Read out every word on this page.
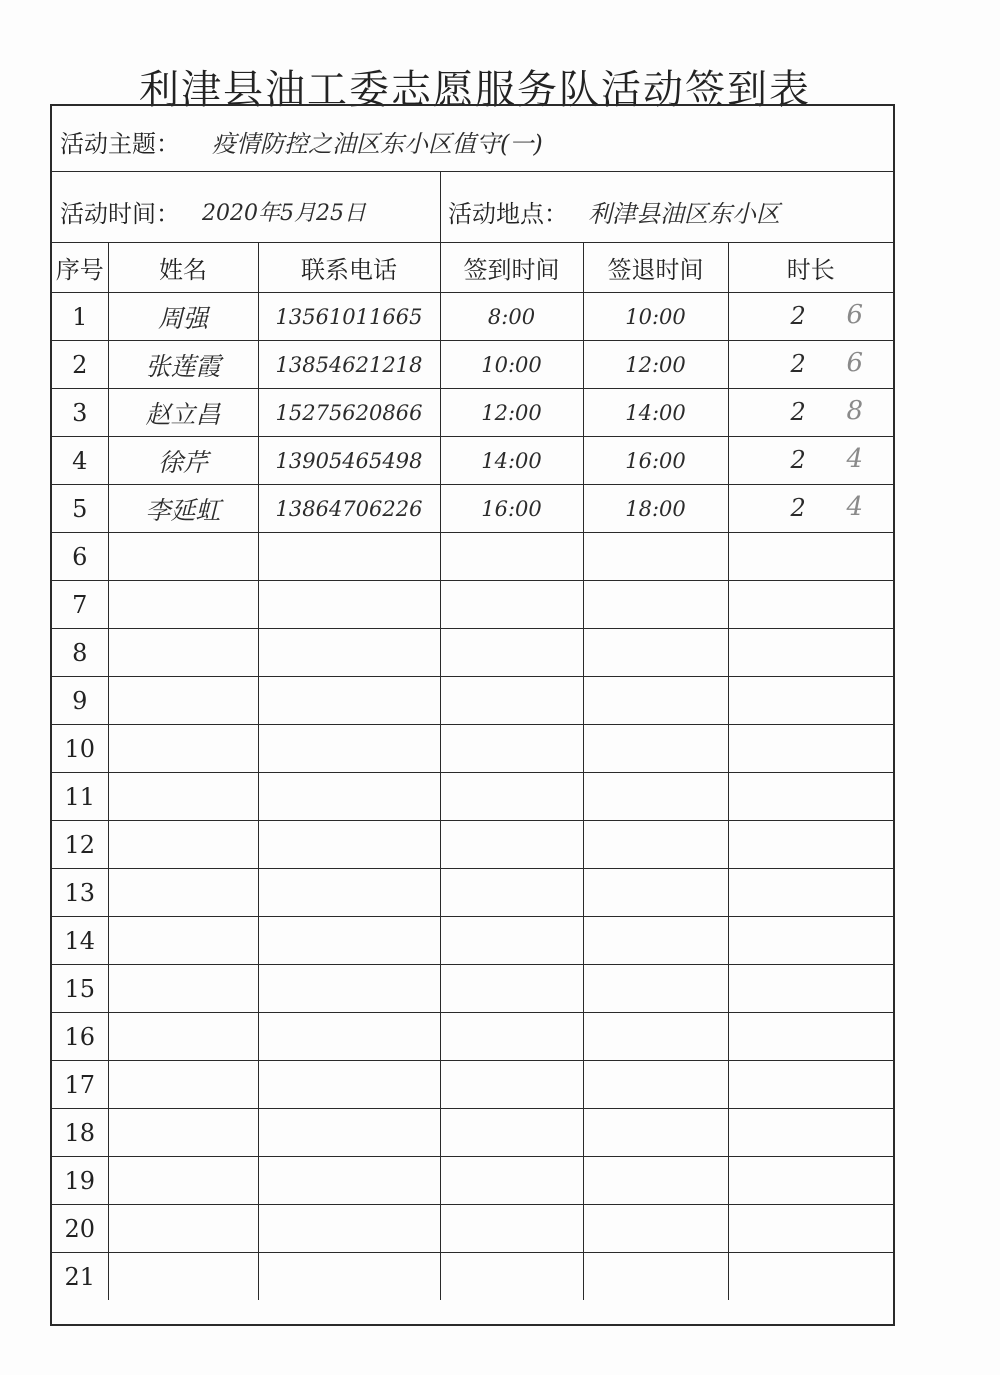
利津县油工委志愿服务队活动签到表
活动主题： 疫情防控之油区东小区值守(一)
活动时间： 2020年5月25日	活动地点： 利津县油区东小区
序号	姓名	联系电话	签到时间	签退时间	时长
1	周强	13561011665	8:00	10:00	2 6

2	张莲霞	13854621218	10:00	12:00	2 6

3	赵立昌	15275620866	12:00	14:00	2 8

4	徐芹	13905465498	14:00	16:00	2 4

5	李延虹	13864706226	16:00	18:00	2 4

6					
7					
8					
9					
10					
11					
12					
13					
14					
15					
16					
17					
18					
19					
20					
21					
